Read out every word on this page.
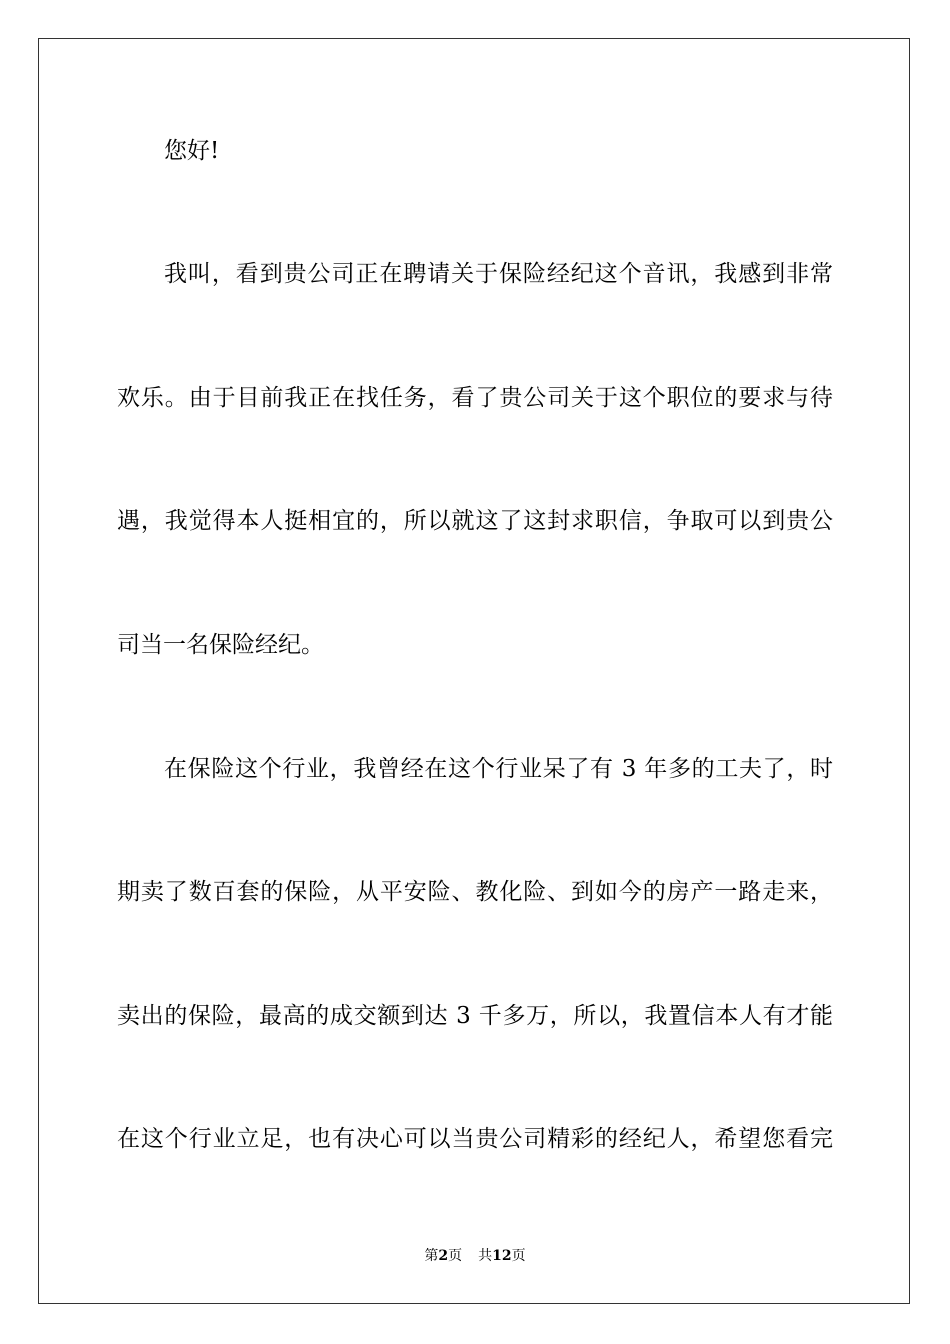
您好!
我叫，看到贵公司正在聘请关于保险经纪这个音讯，我感到非常
欢乐。由于目前我正在找任务，看了贵公司关于这个职位的要求与待
遇，我觉得本人挺相宜的，所以就这了这封求职信，争取可以到贵公
司当一名保险经纪。
在保险这个行业，我曾经在这个行业呆了有 3 年多的工夫了，时
期卖了数百套的保险，从平安险、教化险、到如今的房产一路走来，
卖出的保险，最高的成交额到达 3 千多万，所以，我置信本人有才能
在这个行业立足，也有决心可以当贵公司精彩的经纪人，希望您看完
第2页 共12页
